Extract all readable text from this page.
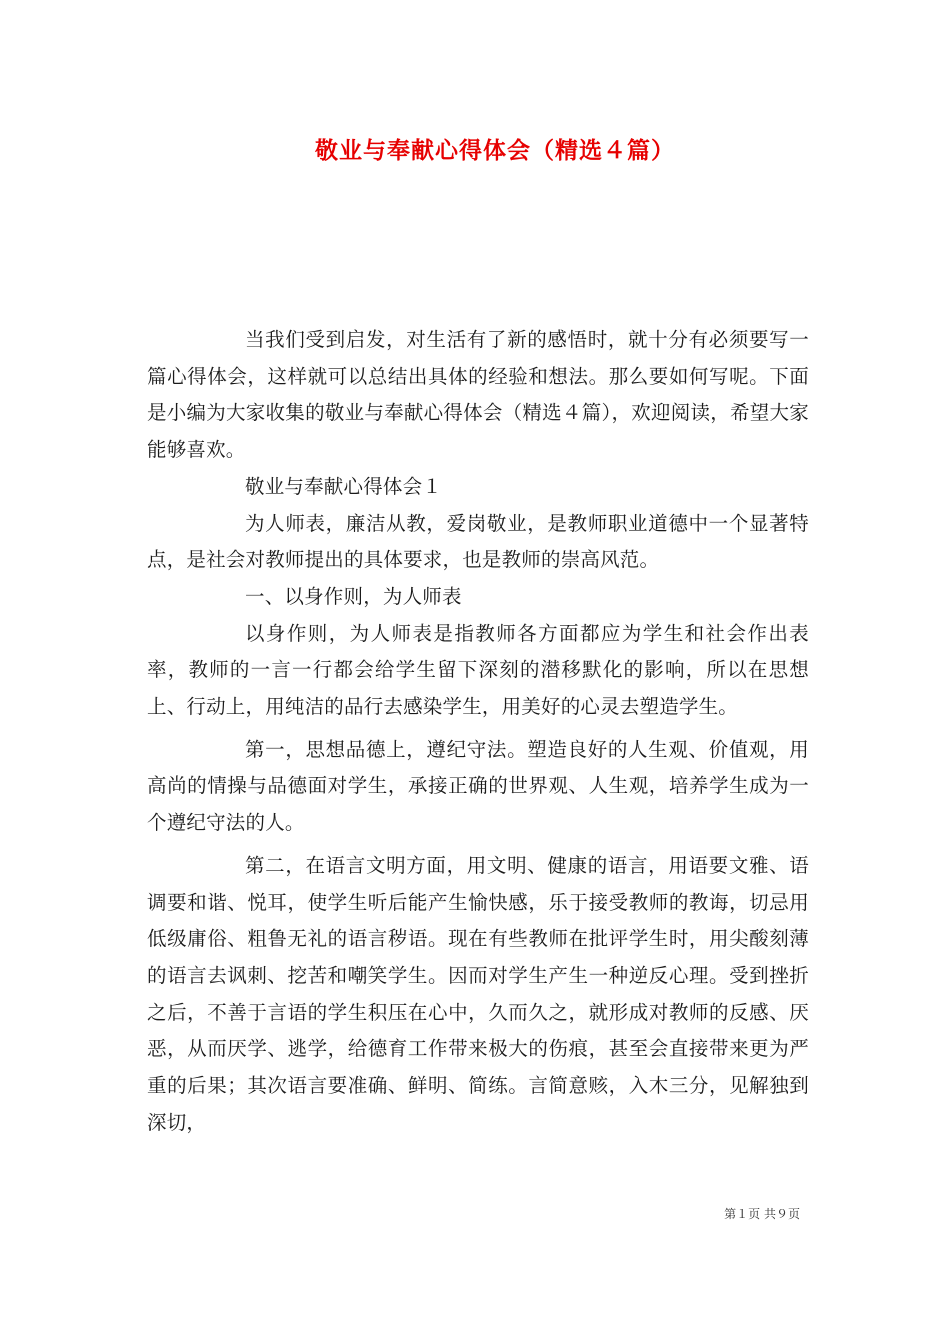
敬业与奉献心得体会（精选４篇）

当我们受到启发，对生活有了新的感悟时，就十分有必须要写一篇心得体会，这样就可以总结出具体的经验和想法。那么要如何写呢。下面是小编为大家收集的敬业与奉献心得体会（精选４篇），欢迎阅读，希望大家能够喜欢。

敬业与奉献心得体会１

为人师表，廉洁从教，爱岗敬业，是教师职业道德中一个显著特点，是社会对教师提出的具体要求，也是教师的崇高风范。

一、以身作则，为人师表

以身作则，为人师表是指教师各方面都应为学生和社会作出表率，教师的一言一行都会给学生留下深刻的潜移默化的影响，所以在思想上、行动上，用纯洁的品行去感染学生，用美好的心灵去塑造学生。

第一，思想品德上，遵纪守法。塑造良好的人生观、价值观，用高尚的情操与品德面对学生，承接正确的世界观、人生观，培养学生成为一个遵纪守法的人。

第二，在语言文明方面，用文明、健康的语言，用语要文雅、语调要和谐、悦耳，使学生听后能产生愉快感，乐于接受教师的教诲，切忌用低级庸俗、粗鲁无礼的语言秽语。现在有些教师在批评学生时，用尖酸刻薄的语言去讽刺、挖苦和嘲笑学生。因而对学生产生一种逆反心理。受到挫折之后，不善于言语的学生积压在心中，久而久之，就形成对教师的反感、厌恶，从而厌学、逃学，给德育工作带来极大的伤痕，甚至会直接带来更为严重的后果；其次语言要准确、鲜明、简练。言简意赅，入木三分，见解独到深切，

第１页 共９页
